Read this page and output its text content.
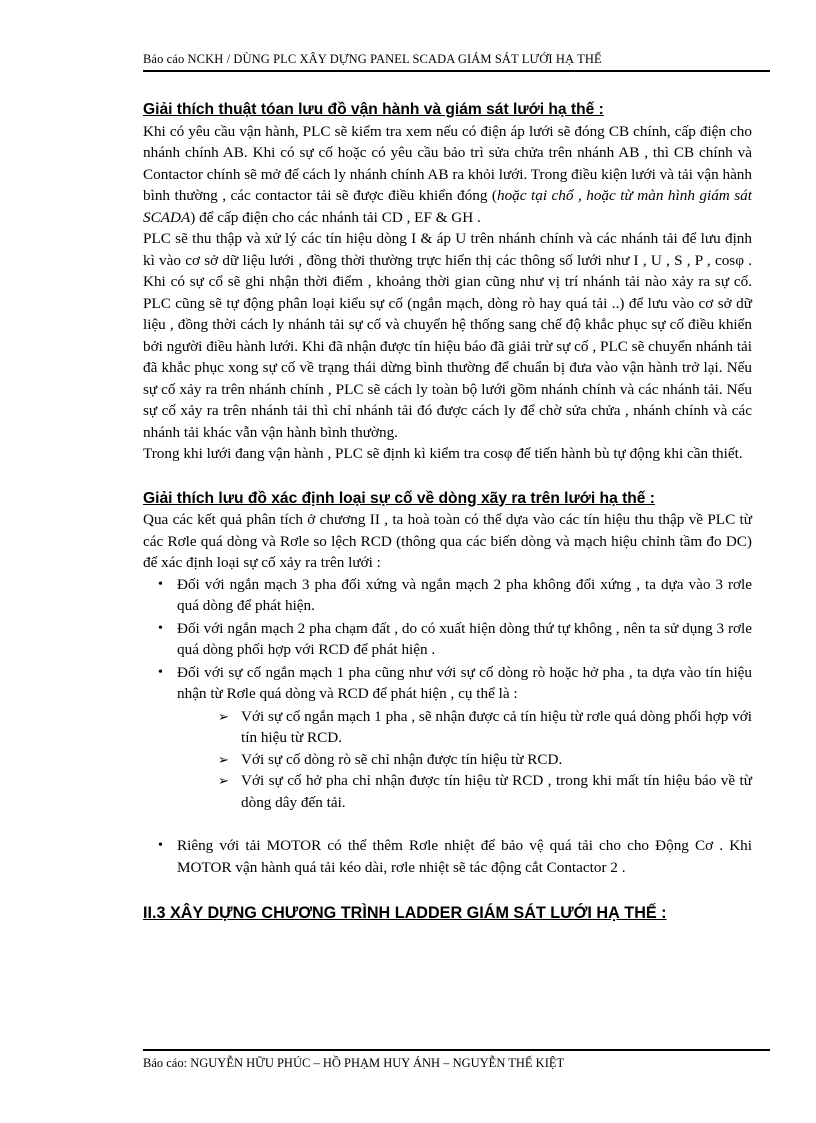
Báo cáo NCKH / DÙNG PLC XÂY DỰNG PANEL SCADA GIÁM SÁT LƯỚI HẠ THẾ
Giải thích thuật tóan lưu đồ vận hành và giám sát lưới hạ thế :

Khi có yêu cầu vận hành, PLC sẽ kiểm tra xem nếu có điện áp lưới sẽ đóng CB chính, cấp điện cho nhánh chính AB. Khi có sự cố hoặc có yêu cầu bảo trì sửa chửa trên nhánh AB , thì CB chính và Contactor chính sẽ mở để cách ly nhánh chính AB ra khỏi lưới. Trong điều kiện lưới và tải vận hành bình thường , các contactor tải sẽ được điều khiển đóng (hoặc tại chổ , hoặc từ màn hình giám sát SCADA) để cấp điện cho các nhánh tải CD , EF & GH .

PLC sẽ thu thập và xử lý các tín hiệu dòng I & áp U trên nhánh chính và các nhánh tải để lưu định kì vào cơ sở dữ liệu lưới , đồng thời thường trực hiển thị các thông số lưới như I , U , S , P , cosφ . Khi có sự cố sẽ ghi nhận thời điểm , khoảng thời gian cũng như vị trí nhánh tải nào xảy ra sự cố. PLC cũng sẽ tự động phân loại kiểu sự cố (ngắn mạch, dòng rò hay quá tải ..) để lưu vào cơ sở dữ liệu , đồng thời cách ly nhánh tải sự cố và chuyển hệ thống sang chế độ khắc phục sự cố điều khiển bởi người điều hành lưới. Khi đã nhận được tín hiệu báo đã giải trừ sự cố , PLC sẽ chuyển nhánh tải đã khắc phục xong sự cố về trạng thái dừng bình thường để chuẩn bị đưa vào vận hành trở lại. Nếu sự cố xảy ra trên nhánh chính , PLC sẽ cách ly toàn bộ lưới gồm nhánh chính và các nhánh tải. Nếu sự cố xảy ra trên nhánh tải thì chỉ nhánh tải đó được cách ly để chờ sửa chửa , nhánh chính và các nhánh tải khác vẫn vận hành bình thường.

Trong khi lưới đang vận hành , PLC sẽ định kì kiểm tra cosφ để tiến hành bù tự động khi cần thiết.

Giải thích lưu đồ xác định loại sự cố về dòng xãy ra trên lưới hạ thế :

Qua các kết quả phân tích ở chương II , ta hoà toàn có thể dựa vào các tín hiệu thu thập về PLC từ các Rơle quá dòng và Rơle so lệch RCD (thông qua các biến dòng và mạch hiệu chỉnh tầm đo DC) để xác định loại sự cố xảy ra trên lưới :

• Đối với ngắn mạch 3 pha đối xứng và ngắn mạch 2 pha không đối xứng , ta dựa vào 3 rơle quá dòng để phát hiện.
• Đối với ngắn mạch 2 pha chạm đất , do có xuất hiện dòng thứ tự không , nên ta sử dụng 3 rơle quá dòng phối hợp với RCD để phát hiện .
• Đối với sự cố ngắn mạch 1 pha cũng như với sự cố dòng rò hoặc hở pha , ta dựa vào tín hiệu nhận từ Rơle quá dòng và RCD để phát hiện , cụ thể là :
➢ Với sự cố ngắn mạch 1 pha , sẽ nhận được cả tín hiệu từ rơle quá dòng phối hợp với tín hiệu từ RCD.
➢ Với sự cố dòng rò sẽ chỉ nhận được tín hiệu từ RCD.
➢ Với sự cố hở pha chỉ nhận được tín hiệu từ RCD , trong khi mất tín hiệu báo về từ dòng dây đến tải.
• Riêng với tải MOTOR có thể thêm Rơle nhiệt để bảo vệ quá tải cho cho Động Cơ . Khi MOTOR vận hành quá tải kéo dài, rơle nhiệt sẽ tác động cắt Contactor 2 .
II.3 XÂY DỰNG CHƯƠNG TRÌNH LADDER GIÁM SÁT LƯỚI HẠ THẾ :
Báo cáo: NGUYỄN HỮU PHÚC – HỒ PHẠM HUY ÁNH – NGUYỄN THẾ KIỆT
